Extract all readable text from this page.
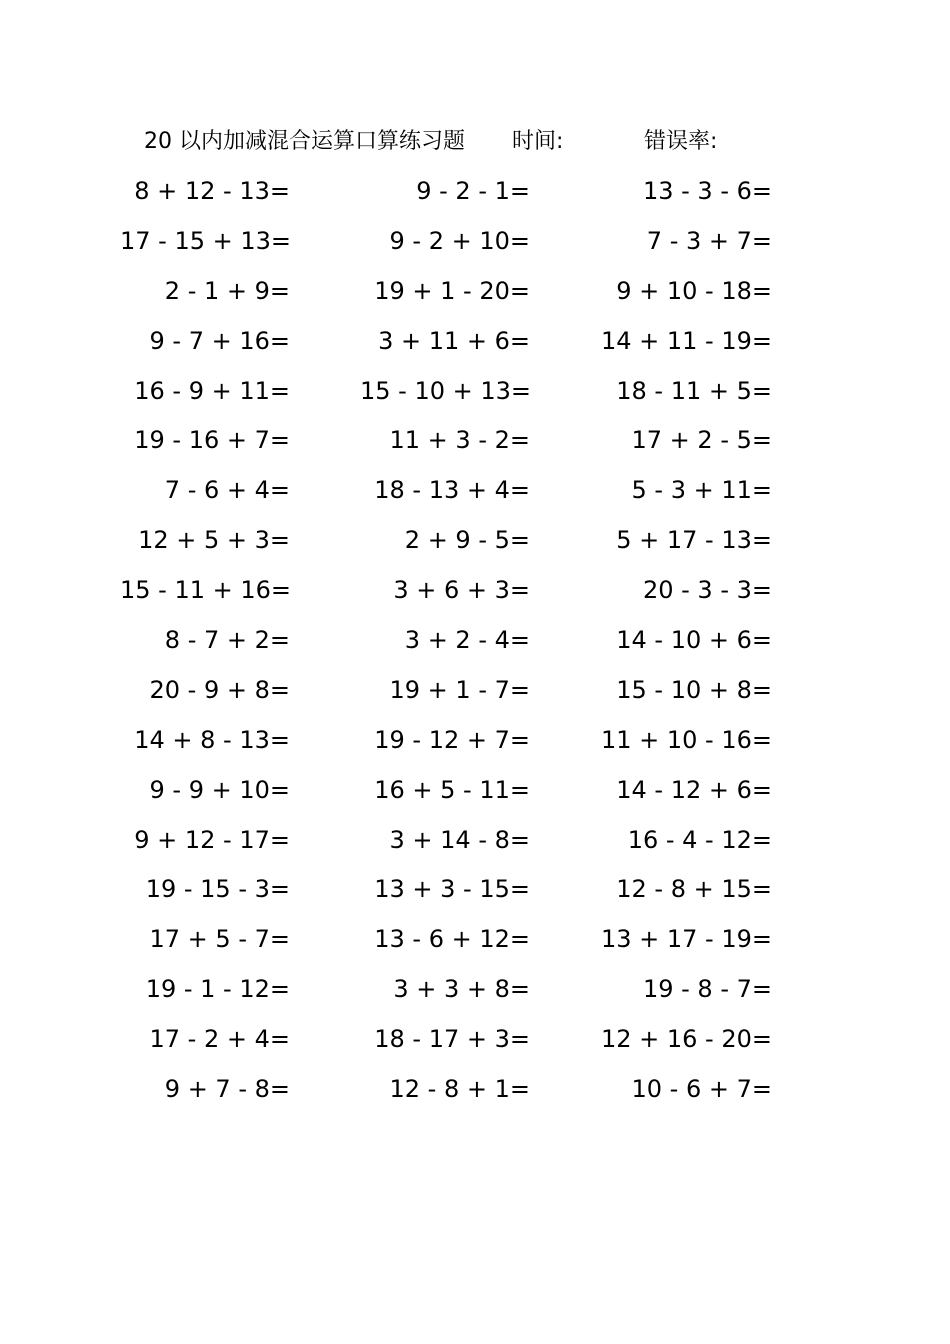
20 以内加减混合运算口算练习题 时间:	错误率:
8 + 12 - 13=	9 - 2 - 1=	13 - 3 - 6=
17 - 15 + 13=	9 - 2 + 10=	7 - 3 + 7=
2 - 1 + 9=	19 + 1 - 20=	9 + 10 - 18=
9 - 7 + 16=	3 + 11 + 6=	14 + 11 - 19=
16 - 9 + 11=	15 - 10 + 13=	18 - 11 + 5=
19 - 16 + 7=	11 + 3 - 2=	17 + 2 - 5=
7 - 6 + 4=	18 - 13 + 4=	5 - 3 + 11=
12 + 5 + 3=	2 + 9 - 5=	5 + 17 - 13=
15 - 11 + 16=	3 + 6 + 3=	20 - 3 - 3=
8 - 7 + 2=	3 + 2 - 4=	14 - 10 + 6=
20 - 9 + 8=	19 + 1 - 7=	15 - 10 + 8=
14 + 8 - 13=	19 - 12 + 7=	11 + 10 - 16=
9 - 9 + 10=	16 + 5 - 11=	14 - 12 + 6=
9 + 12 - 17=	3 + 14 - 8=	16 - 4 - 12=
19 - 15 - 3=	13 + 3 - 15=	12 - 8 + 15=
17 + 5 - 7=	13 - 6 + 12=	13 + 17 - 19=
19 - 1 - 12=	3 + 3 + 8=	19 - 8 - 7=
17 - 2 + 4=	18 - 17 + 3=	12 + 16 - 20=
9 + 7 - 8=	12 - 8 + 1=	10 - 6 + 7=
